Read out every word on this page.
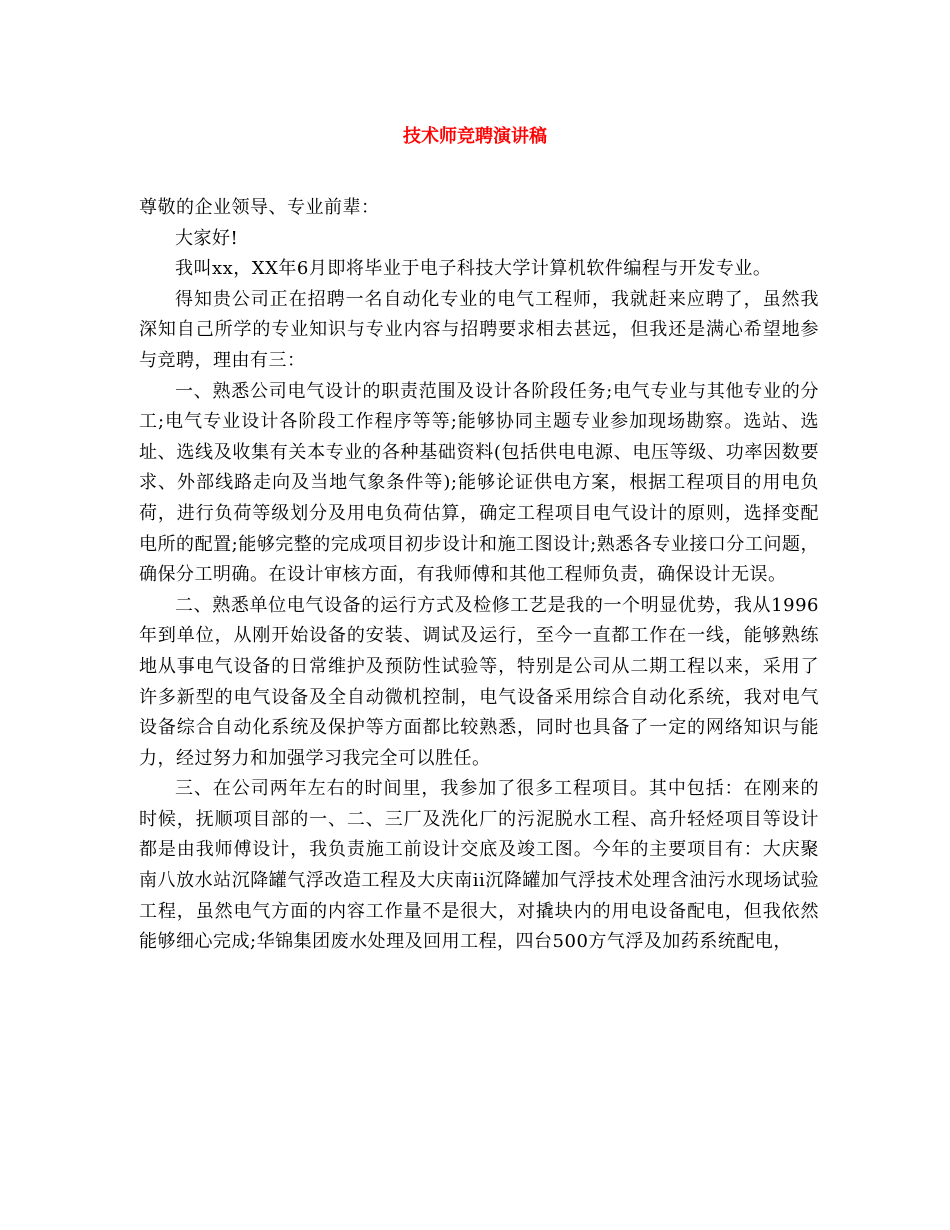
技术师竞聘演讲稿

尊敬的企业领导、专业前辈：

大家好!

我叫xx，XX年6月即将毕业于电子科技大学计算机软件编程与开发专业。

得知贵公司正在招聘一名自动化专业的电气工程师，我就赶来应聘了，虽然我深知自己所学的专业知识与专业内容与招聘要求相去甚远，但我还是满心希望地参与竞聘，理由有三：

一、熟悉公司电气设计的职责范围及设计各阶段任务;电气专业与其他专业的分工;电气专业设计各阶段工作程序等等;能够协同主题专业参加现场勘察。选站、选址、选线及收集有关本专业的各种基础资料(包括供电电源、电压等级、功率因数要求、外部线路走向及当地气象条件等);能够论证供电方案，根据工程项目的用电负荷，进行负荷等级划分及用电负荷估算，确定工程项目电气设计的原则，选择变配电所的配置;能够完整的完成项目初步设计和施工图设计;熟悉各专业接口分工问题，确保分工明确。在设计审核方面，有我师傅和其他工程师负责，确保设计无误。

二、熟悉单位电气设备的运行方式及检修工艺是我的一个明显优势，我从1996年到单位，从刚开始设备的安装、调试及运行，至今一直都工作在一线，能够熟练地从事电气设备的日常维护及预防性试验等，特别是公司从二期工程以来，采用了许多新型的电气设备及全自动微机控制，电气设备采用综合自动化系统，我对电气设备综合自动化系统及保护等方面都比较熟悉，同时也具备了一定的网络知识与能力，经过努力和加强学习我完全可以胜任。

三、在公司两年左右的时间里，我参加了很多工程项目。其中包括：在刚来的时候，抚顺项目部的一、二、三厂及洗化厂的污泥脱水工程、高升轻烃项目等设计都是由我师傅设计，我负责施工前设计交底及竣工图。今年的主要项目有：大庆聚南八放水站沉降罐气浮改造工程及大庆南ii沉降罐加气浮技术处理含油污水现场试验工程，虽然电气方面的内容工作量不是很大，对撬块内的用电设备配电，但我依然能够细心完成;华锦集团废水处理及回用工程，四台500方气浮及加药系统配电，
